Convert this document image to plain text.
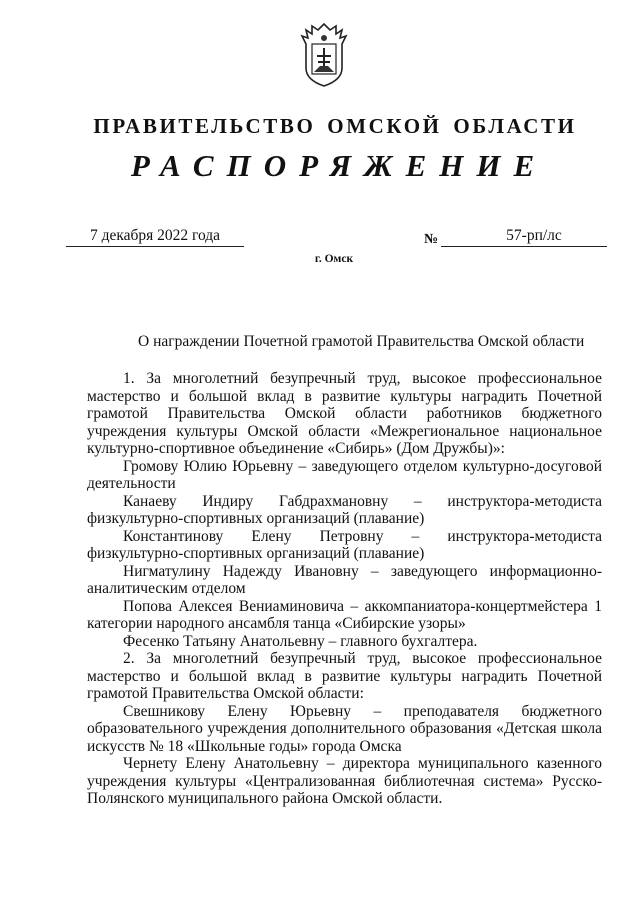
ПРАВИТЕЛЬСТВО ОМСКОЙ ОБЛАСТИ
РАСПОРЯЖЕНИЕ
7 декабря 2022 года	№	57-рп/лс
г. Омск
О награждении Почетной грамотой Правительства Омской области

1. За многолетний безупречный труд, высокое профессиональное мастерство и большой вклад в развитие культуры наградить Почетной грамотой Правительства Омской области работников бюджетного учреждения культуры Омской области «Межрегиональное национальное культурно-спортивное объединение «Сибирь» (Дом Дружбы)»:

Громову Юлию Юрьевну – заведующего отделом культурно-досуговой деятельности

Канаеву Индиру Габдрахмановну – инструктора-методиста физкультурно-спортивных организаций (плавание)

Константинову Елену Петровну – инструктора-методиста физкультурно-спортивных организаций (плавание)

Нигматулину Надежду Ивановну – заведующего информационно-аналитическим отделом

Попова Алексея Вениаминовича – аккомпаниатора-концертмейстера 1 категории народного ансамбля танца «Сибирские узоры»

Фесенко Татьяну Анатольевну – главного бухгалтера.

2. За многолетний безупречный труд, высокое профессиональное мастерство и большой вклад в развитие культуры наградить Почетной грамотой Правительства Омской области:

Свешникову Елену Юрьевну – преподавателя бюджетного образовательного учреждения дополнительного образования «Детская школа искусств № 18 «Школьные годы» города Омска

Чернету Елену Анатольевну – директора муниципального казенного учреждения культуры «Централизованная библиотечная система» Русско-Полянского муниципального района Омской области.
